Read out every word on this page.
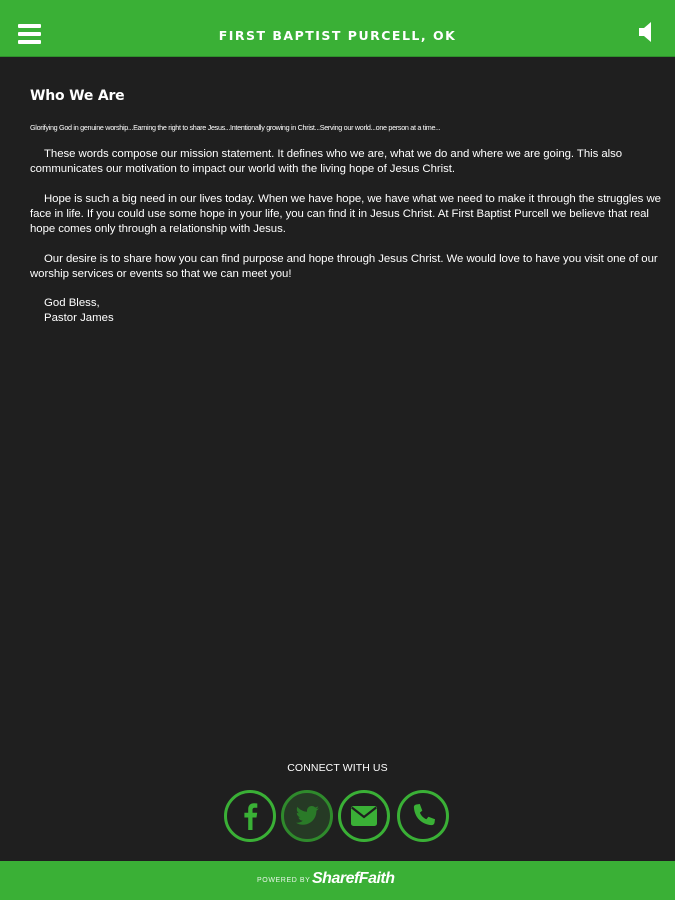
FIRST BAPTIST PURCELL, OK
Who We Are

Glorifying God in genuine worship...Earning the right to share Jesus...Intentionally growing in Christ...Serving our world...one person at a time...

These words compose our mission statement. It defines who we are, what we do and where we are going. This also communicates our motivation to impact our world with the living hope of Jesus Christ.

Hope is such a big need in our lives today. When we have hope, we have what we need to make it through the struggles we face in life. If you could use some hope in your life, you can find it in Jesus Christ. At First Baptist Purcell we believe that real hope comes only through a relationship with Jesus.

Our desire is to share how you can find purpose and hope through Jesus Christ. We would love to have you visit one of our worship services or events so that we can meet you!

God Bless,
Pastor James
CONNECT WITH US
POWERED BY SharefFaith
